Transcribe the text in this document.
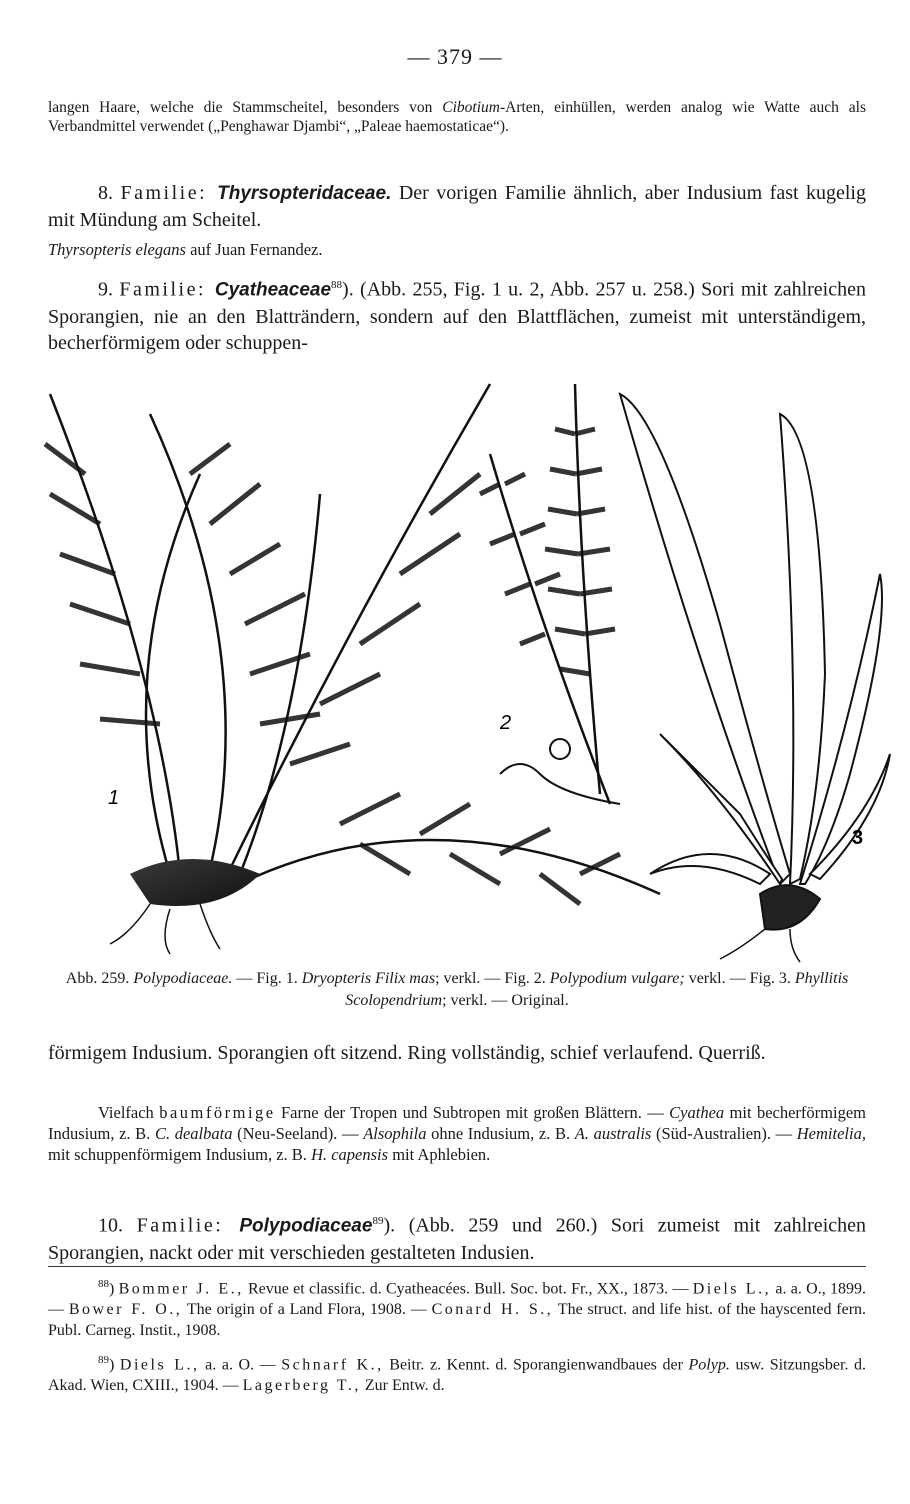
— 379 —
langen Haare, welche die Stammscheitel, besonders von Cibotium-Arten, einhüllen, werden analog wie Watte auch als Verbandmittel verwendet („Penghawar Djambi“, „Paleae haemostaticae“).
8. Familie: Thyrsopteridaceae. Der vorigen Familie ähnlich, aber Indusium fast kugelig mit Mündung am Scheitel.
Thyrsopteris elegans auf Juan Fernandez.
9. Familie: Cyatheaceae$^{88}$). (Abb. 255, Fig. 1 u. 2, Abb. 257 u. 258.) Sori mit zahlreichen Sporangien, nie an den Blatträndern, sondern auf den Blattflächen, zumeist mit unterständigem, becherförmigem oder schuppen-
1
2
3
Abb. 259. Polypodiaceae. — Fig. 1. Dryopteris Filix mas; verkl. — Fig. 2. Polypodium vulgare; verkl. — Fig. 3. Phyllitis Scolopendrium; verkl. — Original.
förmigem Indusium. Sporangien oft sitzend. Ring vollständig, schief verlaufend. Querriß.
Vielfach baumförmige Farne der Tropen und Subtropen mit großen Blättern. — Cyathea mit becherförmigem Indusium, z. B. C. dealbata (Neu-Seeland). — Alsophila ohne Indusium, z. B. A. australis (Süd-Australien). — Hemitelia, mit schuppenförmigem Indusium, z. B. H. capensis mit Aphlebien.
10. Familie: Polypodiaceae$^{89}$). (Abb. 259 und 260.) Sori zumeist mit zahlreichen Sporangien, nackt oder mit verschieden gestalteten Indusien.
$^{88}$) Bommer J. E., Revue et classific. d. Cyatheacées. Bull. Soc. bot. Fr., XX., 1873. — Diels L., a. a. O., 1899. — Bower F. O., The origin of a Land Flora, 1908. — Conard H. S., The struct. and life hist. of the hayscented fern. Publ. Carneg. Instit., 1908.
$^{89}$) Diels L., a. a. O. — Schnarf K., Beitr. z. Kennt. d. Sporangienwandbaues der Polyp. usw. Sitzungsber. d. Akad. Wien, CXIII., 1904. — Lagerberg T., Zur Entw. d.
